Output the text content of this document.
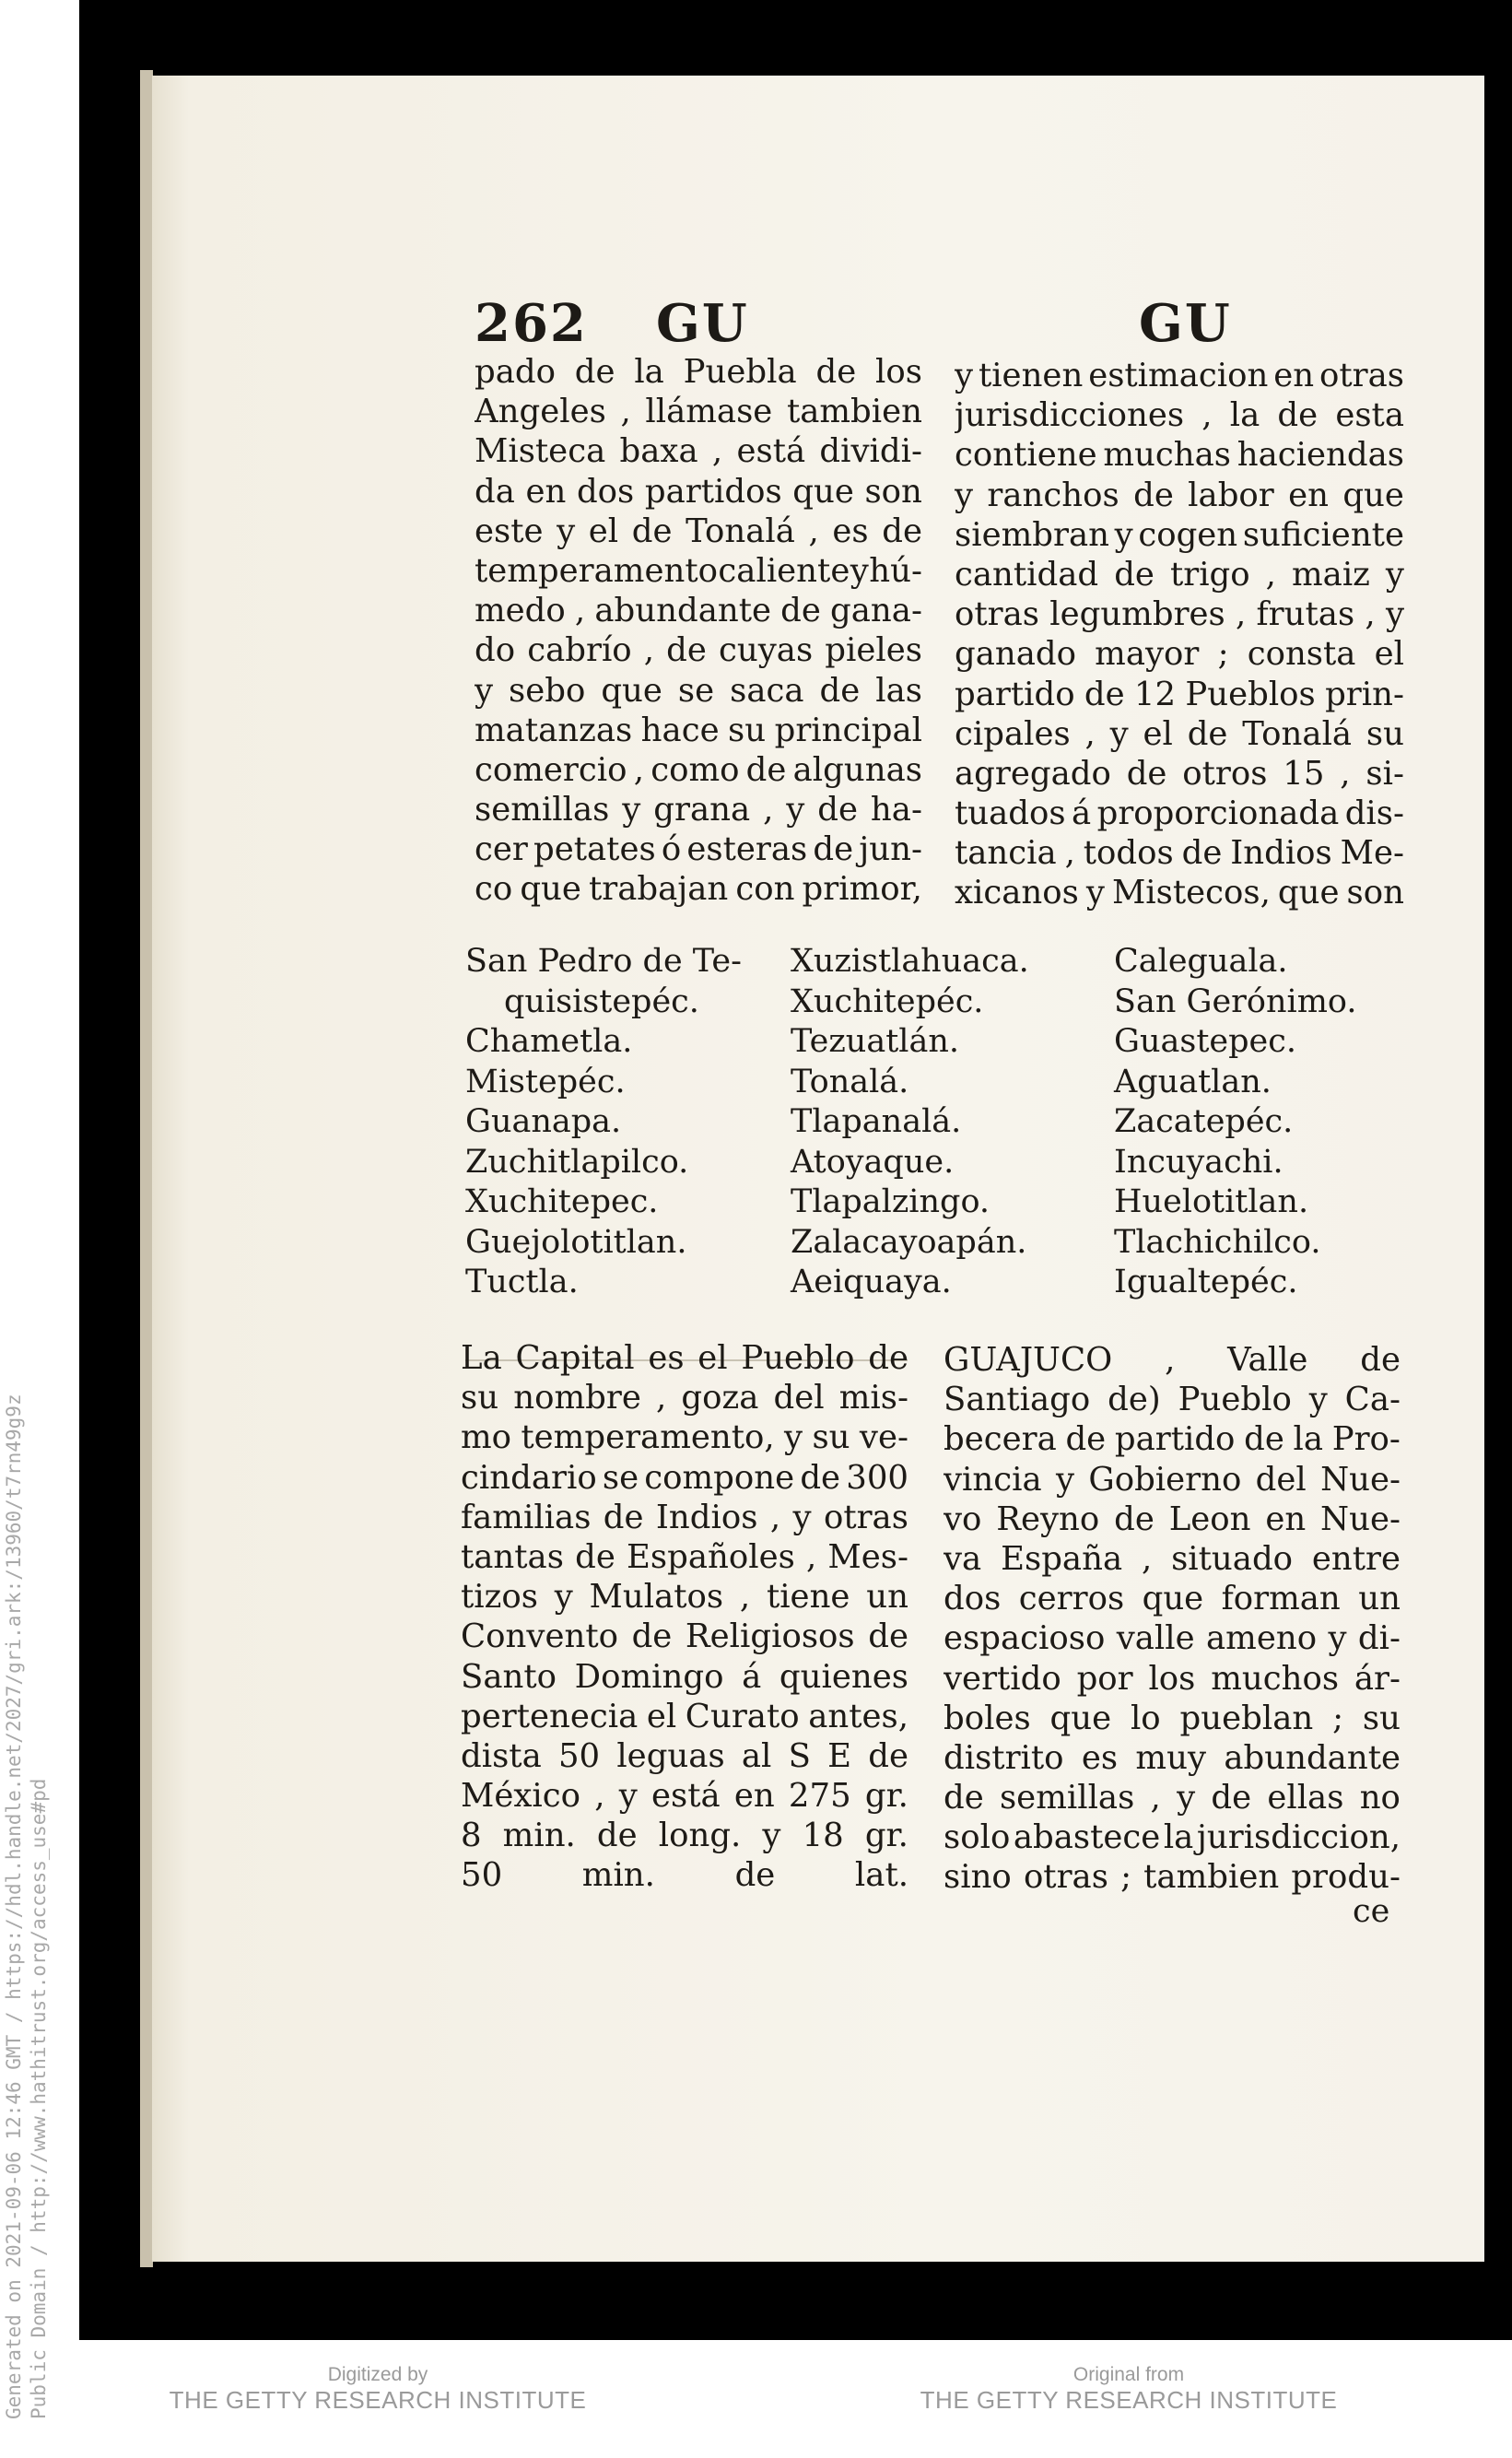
262 GU	GU
pado de la Puebla de los
Angeles , llámase tambien
Misteca baxa , está dividi-
da en dos partidos que son
este y el de Tonalá , es de
temperamento caliente y hú-
medo , abundante de gana-
do cabrío , de cuyas pieles
y sebo que se saca de las
matanzas hace su principal
comercio , como de algunas
semillas y grana , y de ha-
cer petates ó esteras de jun-
co que trabajan con primor,
y tienen estimacion en otras
jurisdicciones , la de esta
contiene muchas haciendas
y ranchos de labor en que
siembran y cogen suficiente
cantidad de trigo , maiz y
otras legumbres , frutas , y
ganado mayor ; consta el
partido de 12 Pueblos prin-
cipales , y el de Tonalá su
agregado de otros 15 , si-
tuados á proporcionada dis-
tancia , todos de Indios Me-
xicanos y Mistecos, que son
San Pedro de Te-
quisistepéc.
Chametla.
Mistepéc.
Guanapa.
Zuchitlapilco.
Xuchitepec.
Guejolotitlan.
Tuctla.
Xuzistlahuaca.
Xuchitepéc.
Tezuatlán.
Tonalá.
Tlapanalá.
Atoyaque.
Tlapalzingo.
Zalacayoapán.
Aeiquaya.
Caleguala.
San Gerónimo.
Guastepec.
Aguatlan.
Zacatepéc.
Incuyachi.
Huelotitlan.
Tlachichilco.
Igualtepéc.
La Capital es el Pueblo de
su nombre , goza del mis-
mo temperamento, y su ve-
cindario se compone de 300
familias de Indios , y otras
tantas de Españoles , Mes-
tizos y Mulatos , tiene un
Convento de Religiosos de
Santo Domingo á quienes
pertenecia el Curato antes,
dista 50 leguas al S E de
México , y está en 275 gr.
8 min. de long. y 18 gr.
50 min. de lat.
GUAJUCO , Valle de
Santiago de) Pueblo y Ca-
becera de partido de la Pro-
vincia y Gobierno del Nue-
vo Reyno de Leon en Nue-
va España , situado entre
dos cerros que forman un
espacioso valle ameno y di-
vertido por los muchos ár-
boles que lo pueblan ; su
distrito es muy abundante
de semillas , y de ellas no
solo abastece la jurisdiccion,
sino otras ; tambien produ-
ce
Generated on 2021-09-06 12:46 GMT / https://hdl.handle.net/2027/gri.ark:/13960/t7rn49g9z Public Domain / http://www.hathitrust.org/access_use#pd	Digitized by
THE GETTY RESEARCH INSTITUTE
Original from
THE GETTY RESEARCH INSTITUTE
